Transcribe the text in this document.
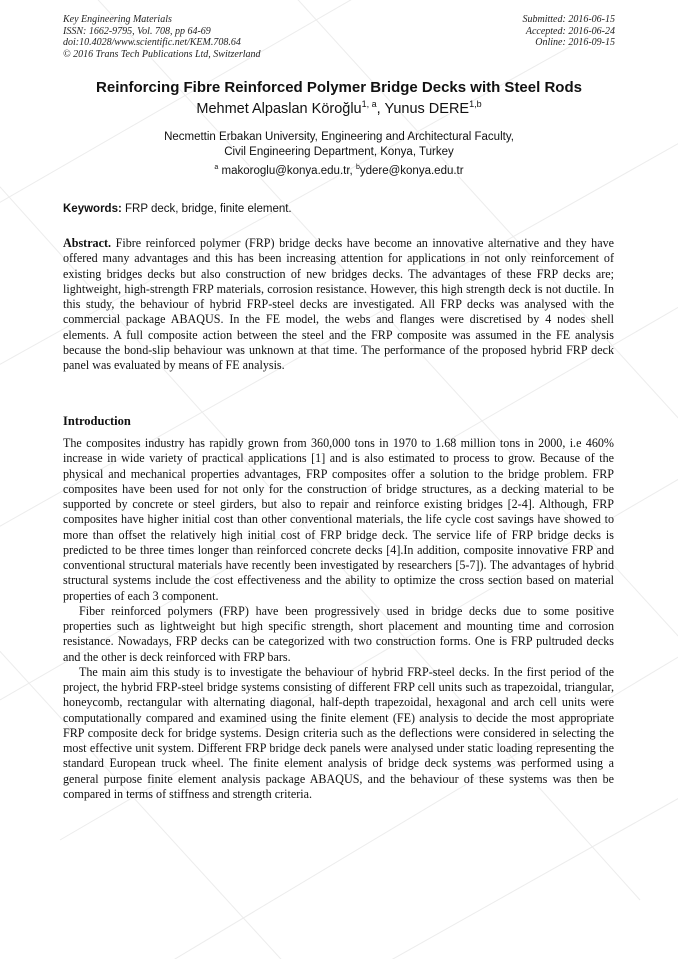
Key Engineering Materials
ISSN: 1662-9795, Vol. 708, pp 64-69
doi:10.4028/www.scientific.net/KEM.708.64
© 2016 Trans Tech Publications Ltd, Switzerland
Submitted: 2016-06-15
Accepted: 2016-06-24
Online: 2016-09-15
Reinforcing Fibre Reinforced Polymer Bridge Decks with Steel Rods
Mehmet Alpaslan Köroğlu$^{1, a}$, Yunus DERE$^{1,b}$
Necmettin Erbakan University, Engineering and Architectural Faculty,
Civil Engineering Department, Konya, Turkey
$^a$ makoroglu@konya.edu.tr, $^b$ydere@konya.edu.tr
Keywords: FRP deck, bridge, finite element.
Abstract. Fibre reinforced polymer (FRP) bridge decks have become an innovative alternative and they have offered many advantages and this has been increasing attention for applications in not only reinforcement of existing bridges decks but also construction of new bridges decks. The advantages of these FRP decks are; lightweight, high-strength FRP materials, corrosion resistance. However, this high strength deck is not ductile. In this study, the behaviour of hybrid FRP-steel decks are investigated. All FRP decks was analysed with the commercial package ABAQUS. In the FE model, the webs and flanges were discretised by 4 nodes shell elements. A full composite action between the steel and the FRP composite was assumed in the FE analysis because the bond-slip behaviour was unknown at that time. The performance of the proposed hybrid FRP deck panel was evaluated by means of FE analysis.
Introduction

The composites industry has rapidly grown from 360,000 tons in 1970 to 1.68 million tons in 2000, i.e 460% increase in wide variety of practical applications [1] and is also estimated to process to grow. Because of the physical and mechanical properties advantages, FRP composites offer a solution to the bridge problem. FRP composites have been used for not only for the construction of bridge structures, as a decking material to be supported by concrete or steel girders, but also to repair and reinforce existing bridges [2-4]. Although, FRP composites have higher initial cost than other conventional materials, the life cycle cost savings have showed to more than offset the relatively high initial cost of FRP bridge deck. The service life of FRP bridge decks is predicted to be three times longer than reinforced concrete decks [4].In addition, composite innovative FRP and conventional structural materials have recently been investigated by researchers [5-7]). The advantages of hybrid structural systems include the cost effectiveness and the ability to optimize the cross section based on material properties of each 3 component.

Fiber reinforced polymers (FRP) have been progressively used in bridge decks due to some positive properties such as lightweight but high specific strength, short placement and mounting time and corrosion resistance. Nowadays, FRP decks can be categorized with two construction forms. One is FRP pultruded decks and the other is deck reinforced with FRP bars.

The main aim this study is to investigate the behaviour of hybrid FRP-steel decks. In the first period of the project, the hybrid FRP-steel bridge systems consisting of different FRP cell units such as trapezoidal, triangular, honeycomb, rectangular with alternating diagonal, half-depth trapezoidal, hexagonal and arch cell units were computationally compared and examined using the finite element (FE) analysis to decide the most appropriate FRP composite deck for bridge systems. Design criteria such as the deflections were considered in selecting the most effective unit system. Different FRP bridge deck panels were analysed under static loading representing the standard European truck wheel. The finite element analysis of bridge deck systems was performed using a general purpose finite element analysis package ABAQUS, and the behaviour of these systems was then be compared in terms of stiffness and strength criteria.
